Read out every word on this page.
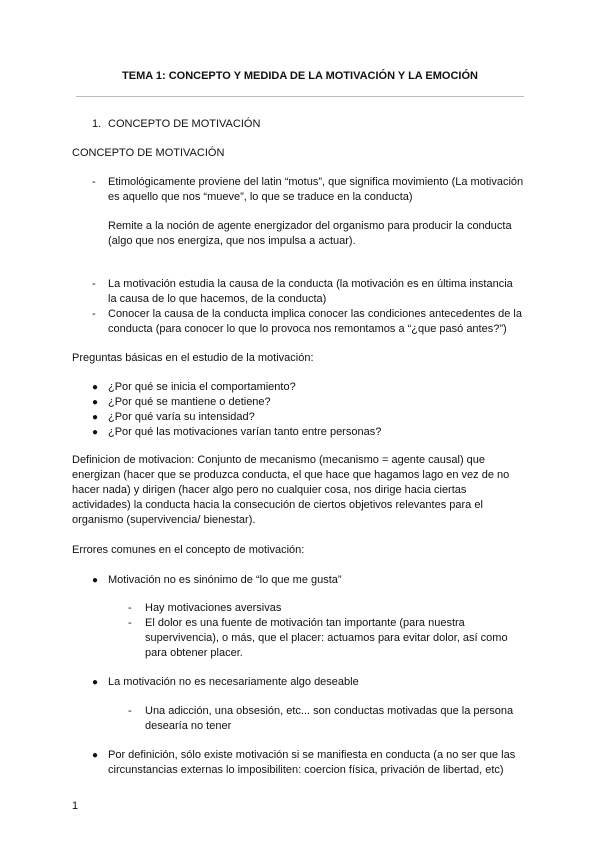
TEMA 1: CONCEPTO Y MEDIDA DE LA MOTIVACIÓN Y LA EMOCIÓN
1. CONCEPTO DE MOTIVACIÓN
CONCEPTO DE MOTIVACIÓN
- Etimológicamente proviene del latin “motus”, que significa movimiento (La motivación
es aquello que nos “mueve”, lo que se traduce en la conducta)
Remite a la noción de agente energizador del organismo para producir la conducta
(algo que nos energiza, que nos impulsa a actuar).
- La motivación estudia la causa de la conducta (la motivación es en última instancia
la causa de lo que hacemos, de la conducta)
- Conocer la causa de la conducta implica conocer las condiciones antecedentes de la
conducta (para conocer lo que lo provoca nos remontamos a “¿que pasó antes?”)
Preguntas básicas en el estudio de la motivación:
● ¿Por qué se inicia el comportamiento?
● ¿Por qué se mantiene o detiene?
● ¿Por qué varía su intensidad?
● ¿Por qué las motivaciones varían tanto entre personas?
Definicion de motivacion: Conjunto de mecanismo (mecanismo = agente causal) que
energizan (hacer que se produzca conducta, el que hace que hagamos lago en vez de no
hacer nada) y dirigen (hacer algo pero no cualquier cosa, nos dirige hacia ciertas
actividades) la conducta hacia la consecución de ciertos objetivos relevantes para el
organismo (supervivencia/ bienestar).
Errores comunes en el concepto de motivación:
● Motivación no es sinónimo de “lo que me gusta”
- Hay motivaciones aversivas
- El dolor es una fuente de motivación tan importante (para nuestra
supervivencia), o más, que el placer: actuamos para evitar dolor, así como
para obtener placer.
● La motivación no es necesariamente algo deseable
- Una adicción, una obsesión, etc... son conductas motivadas que la persona
desearía no tener
● Por definición, sólo existe motivación si se manifiesta en conducta (a no ser que las
circunstancias externas lo imposibiliten: coercion física, privación de libertad, etc)
1
